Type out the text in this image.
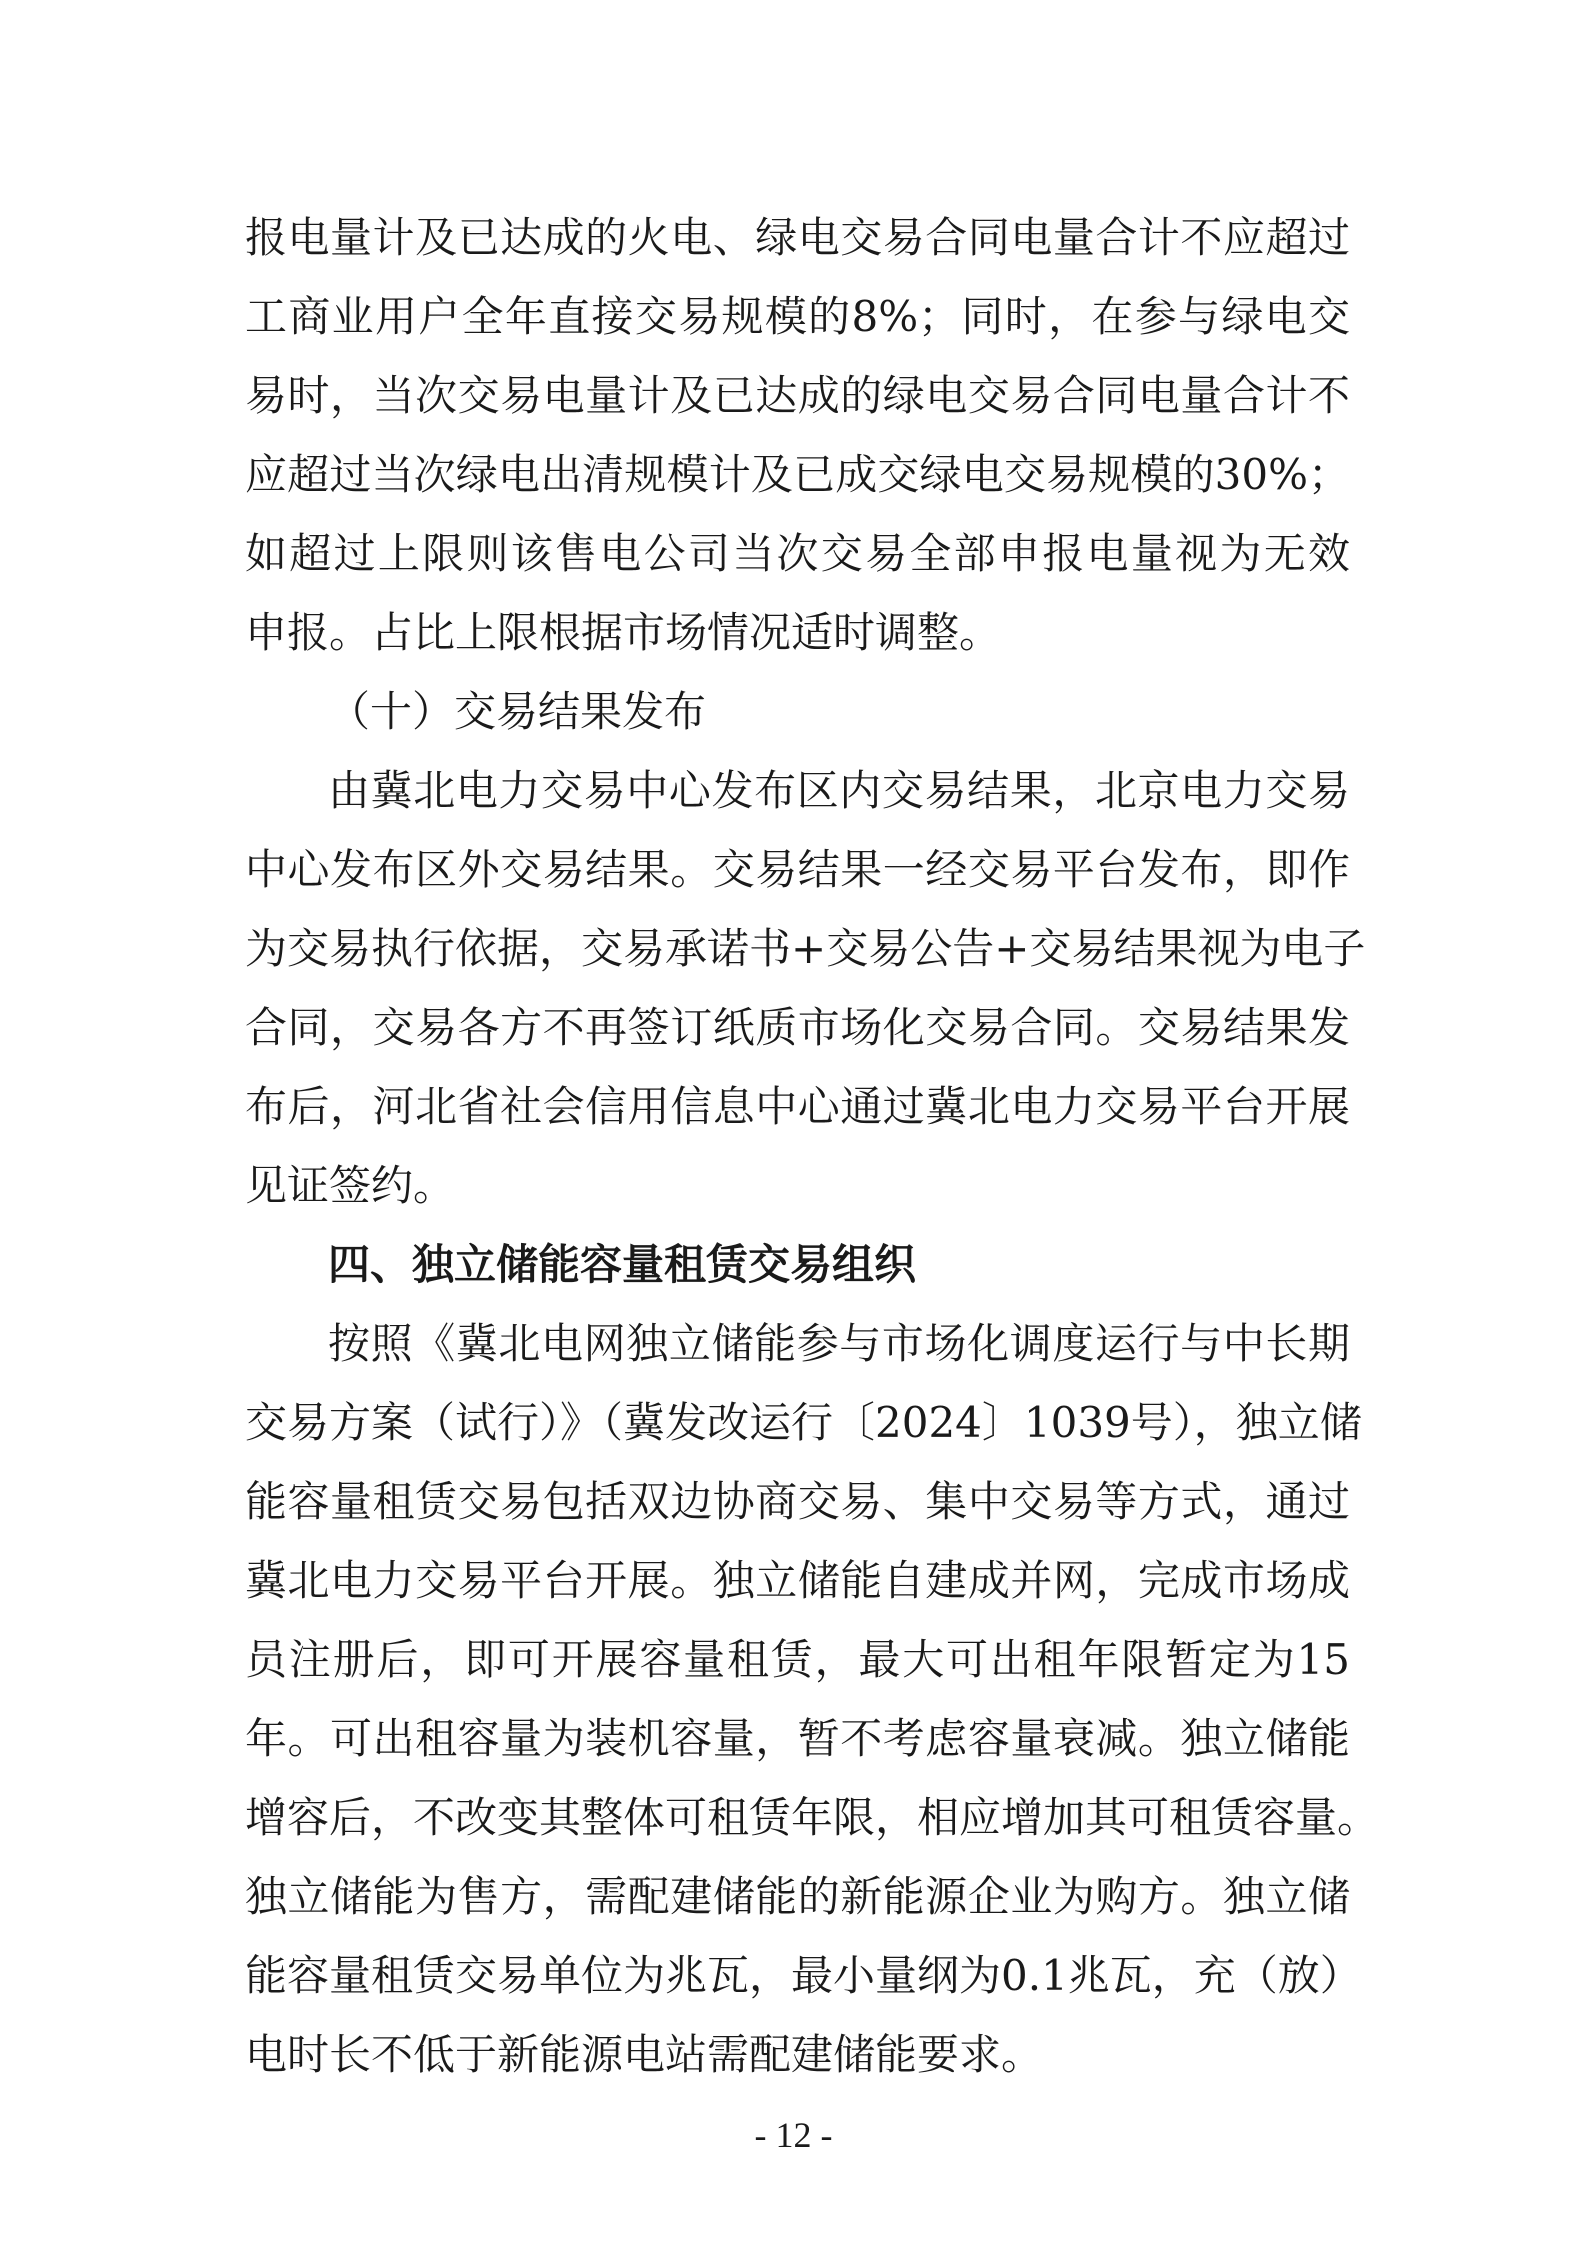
报电量计及已达成的火电、绿电交易合同电量合计不应超过
工商业用户全年直接交易规模的8%；同时，在参与绿电交
易时，当次交易电量计及已达成的绿电交易合同电量合计不
应超过当次绿电出清规模计及已成交绿电交易规模的30%；
如超过上限则该售电公司当次交易全部申报电量视为无效
申报。占比上限根据市场情况适时调整。
（十）交易结果发布
由冀北电力交易中心发布区内交易结果，北京电力交易
中心发布区外交易结果。交易结果一经交易平台发布，即作
为交易执行依据，交易承诺书+交易公告+交易结果视为电子
合同，交易各方不再签订纸质市场化交易合同。交易结果发
布后，河北省社会信用信息中心通过冀北电力交易平台开展
见证签约。
四、独立储能容量租赁交易组织
按照《冀北电网独立储能参与市场化调度运行与中长期
交易方案（试行）》（冀发改运行〔2024〕1039号），独立储
能容量租赁交易包括双边协商交易、集中交易等方式，通过
冀北电力交易平台开展。独立储能自建成并网，完成市场成
员注册后，即可开展容量租赁，最大可出租年限暂定为15
年。可出租容量为装机容量，暂不考虑容量衰减。独立储能
增容后，不改变其整体可租赁年限，相应增加其可租赁容量。
独立储能为售方，需配建储能的新能源企业为购方。独立储
能容量租赁交易单位为兆瓦，最小量纲为0.1兆瓦，充（放）
电时长不低于新能源电站需配建储能要求。
- 12 -
